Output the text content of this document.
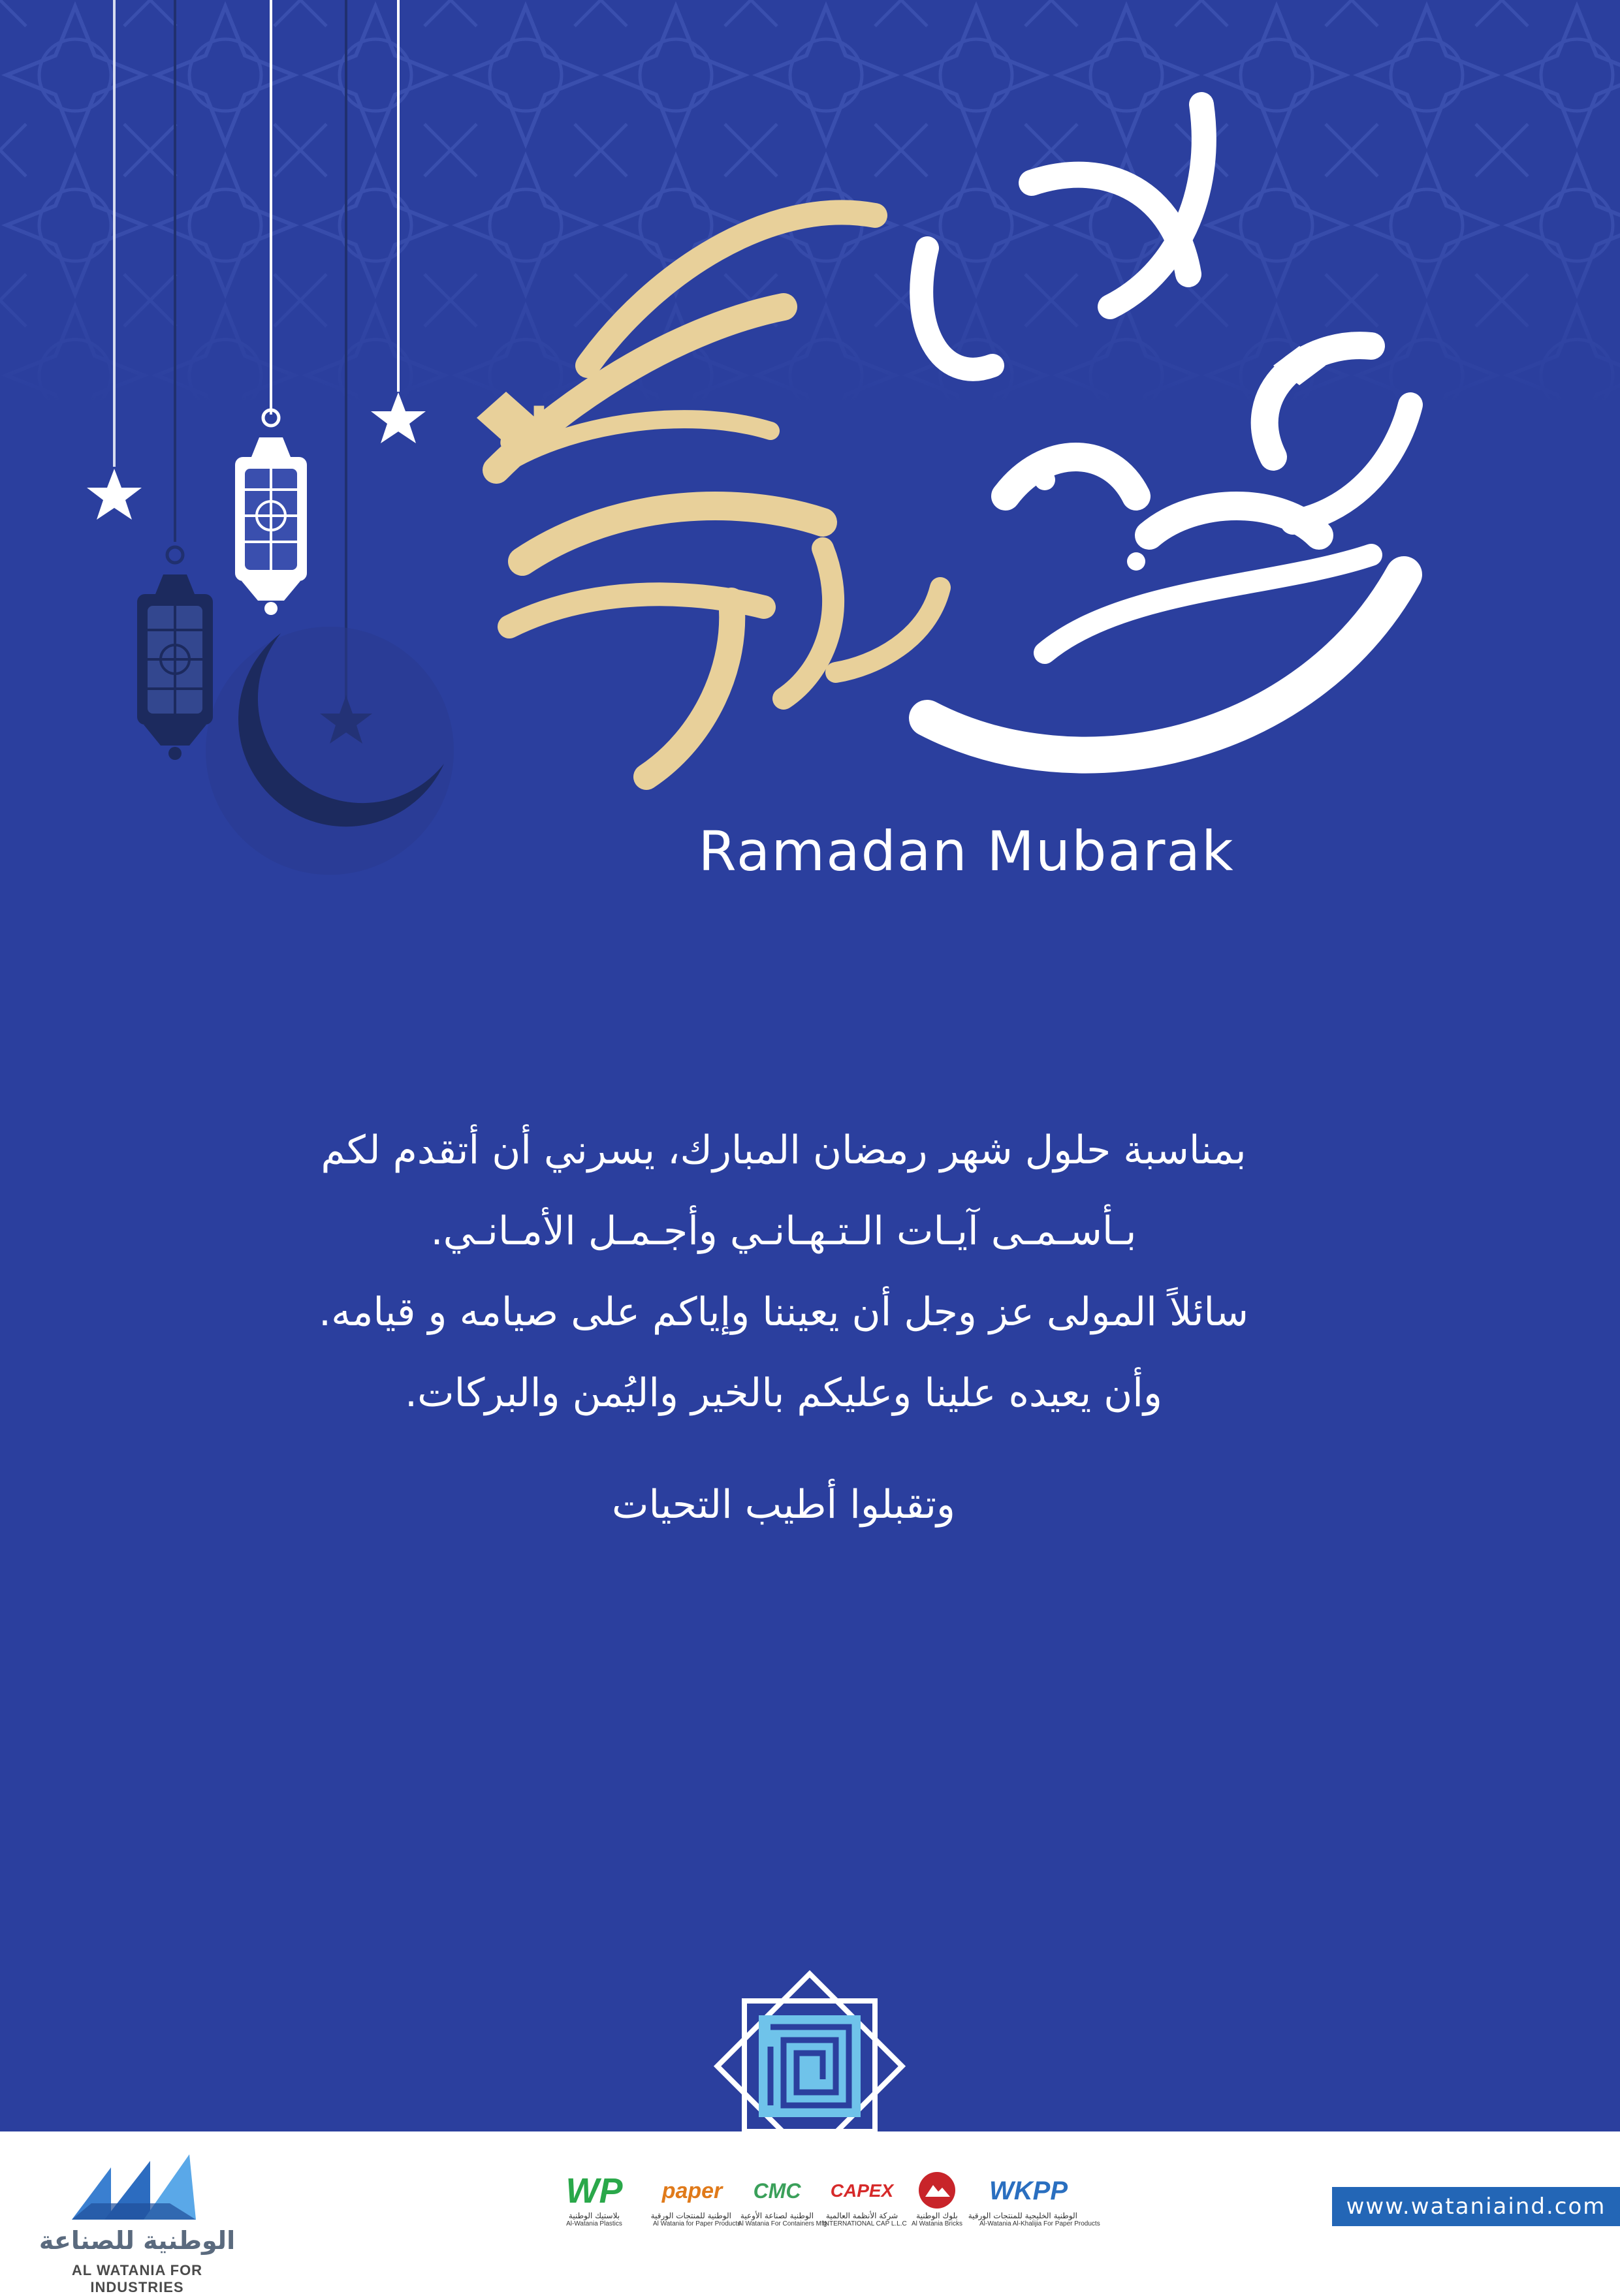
ك
Ramadan Mubarak
بمناسبة حلول شهر رمضان المبارك، يسرني أن أتقدم لكم
بـأسـمـى آيـات الـتـهـانـي وأجـمـل الأمـانـي.
سائلاً المولى عز وجل أن يعيننا وإياكم على صيامه و قيامه.
وأن يعيده علينا وعليكم بالخير واليُمن والبركات.
وتقبلوا أطيب التحيات
الوطنية للصناعة
AL WATANIA FOR INDUSTRIES
WP
بلاستيك الوطنية
Al-Watania Plastics
paper
الوطنية للمنتجات الورقية
Al Watania for Paper Products
CMC
الوطنية لصناعة الأوعية
Al Watania For Containers Mfg
CAPEX
شركة الأنظمة العالمية
INTERNATIONAL CAP L.L.C
بلوك الوطنية
Al Watania Bricks
WKPP
الوطنية الخليجية للمنتجات الورقية
Al-Watania Al-Khalijia For Paper Products
www.wataniaind.com
